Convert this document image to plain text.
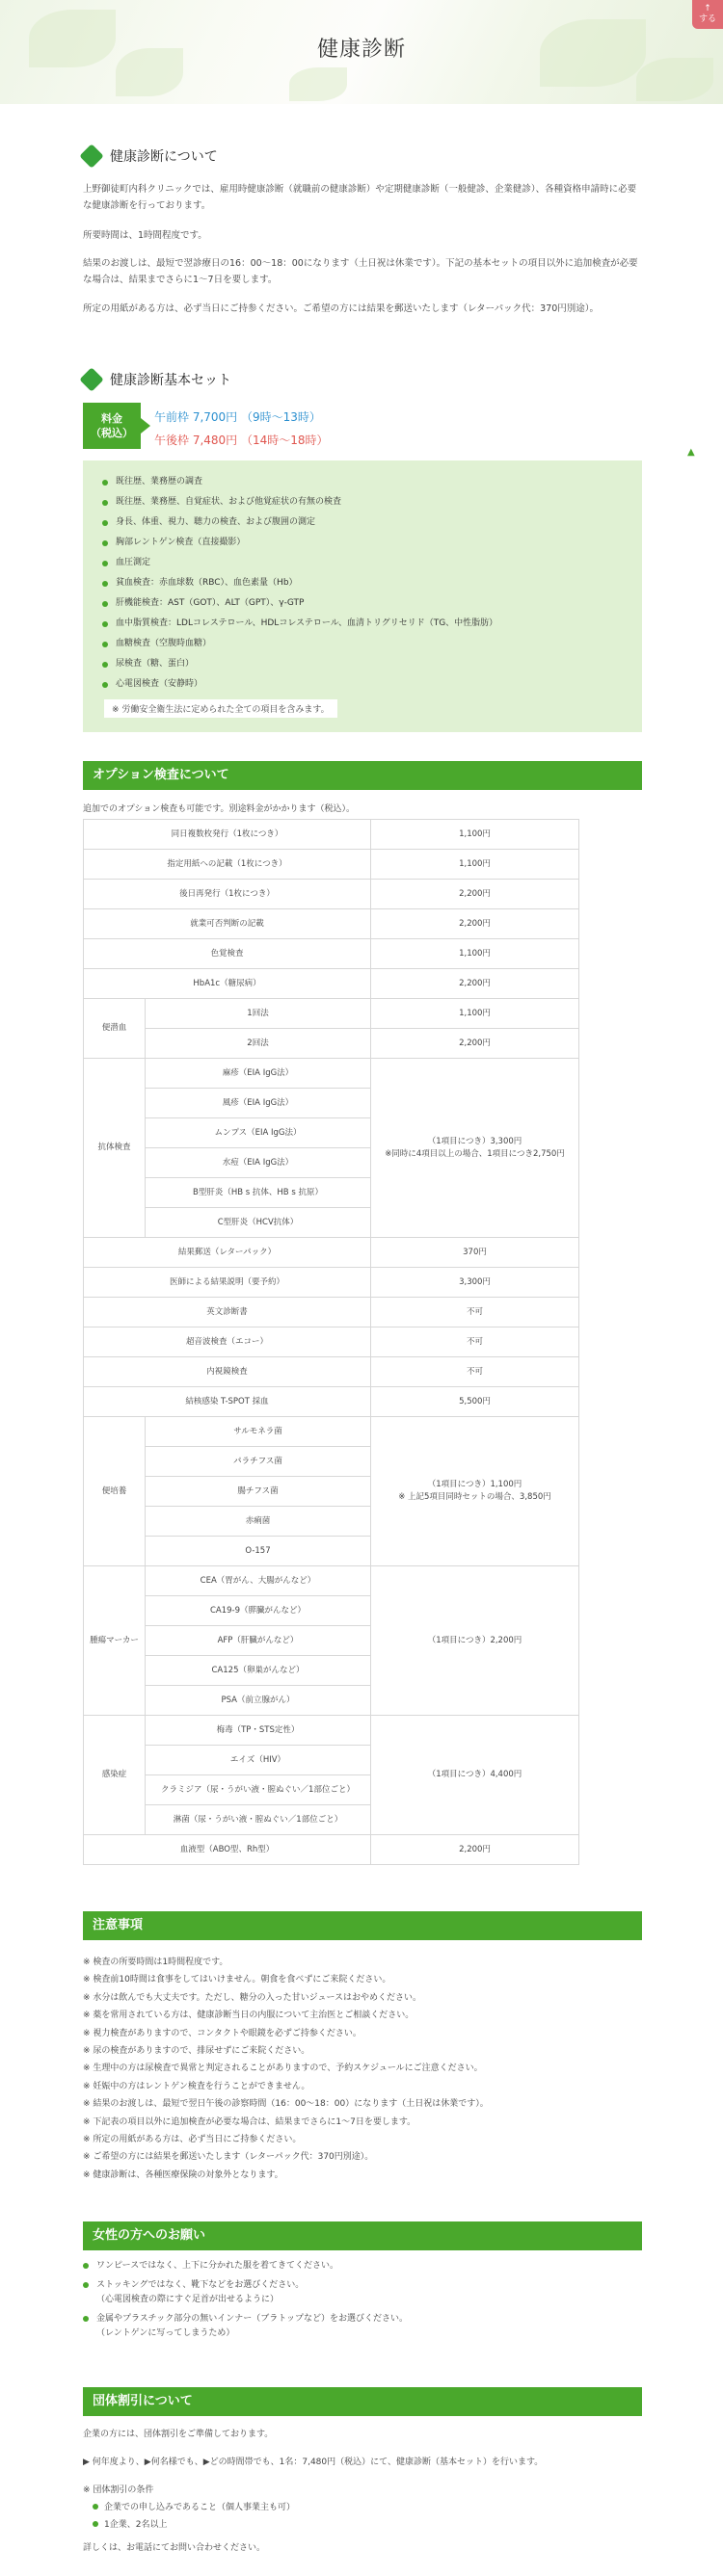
健康診断
↑
する
健康診断について

上野御徒町内科クリニックでは、雇用時健康診断（就職前の健康診断）や定期健康診断（一般健診、企業健診）、各種資格申請時に必要な健康診断を行っております。

所要時間は、1時間程度です。

結果のお渡しは、最短で翌診療日の16：00～18：00になります（土日祝は休業です）。下記の基本セットの項目以外に追加検査が必要な場合は、結果までさらに1〜7日を要します。

所定の用紙がある方は、必ず当日にご持参ください。ご希望の方には結果を郵送いたします（レターパック代：370円別途）。

健康診断基本セット
料金
（税込）
午前枠 7,700円 （9時～13時）
午後枠 7,480円 （14時～18時）
▲
既往歴、業務歴の調査
既往歴、業務歴、自覚症状、および他覚症状の有無の検査
身長、体重、視力、聴力の検査、および腹囲の測定
胸部レントゲン検査（直接撮影）
血圧測定
貧血検査：赤血球数（RBC）、血色素量（Hb）
肝機能検査：AST（GOT）、ALT（GPT）、γ-GTP
血中脂質検査：LDLコレステロール、HDLコレステロール、血清トリグリセリド（TG、中性脂肪）
血糖検査（空腹時血糖）
尿検査（糖、蛋白）
心電図検査（安静時）
※ 労働安全衛生法に定められた全ての項目を含みます。
オプション検査について

追加でのオプション検査も可能です。別途料金がかかります（税込）。

同日複数枚発行（1枚につき）		1,100円
指定用紙への記載（1枚につき）		1,100円
後日再発行（1枚につき）		2,200円
就業可否判断の記載		2,200円
色覚検査		1,100円
HbA1c（糖尿病）		2,200円
便潜血	1回法	1,100円
	2回法	2,200円
抗体検査	麻疹（EIA IgG法）	（1項目につき）3,300円
※同時に4項目以上の場合、1項目につき2,750円

	風疹（EIA IgG法）	
	ムンプス（EIA IgG法）	
	水痘（EIA IgG法）	
	B型肝炎（HB s 抗体、HB s 抗原）	
	C型肝炎（HCV抗体）	
結果郵送（レターパック）		370円
医師による結果説明（要予約）		3,300円
英文診断書		不可
超音波検査（エコー）		不可
内視鏡検査		不可
結核感染 T-SPOT 採血		5,500円
便培養	サルモネラ菌	（1項目につき）1,100円
※ 上記5項目同時セットの場合、3,850円

	パラチフス菌	
	腸チフス菌	
	赤痢菌	
	O-157	
腫瘍マーカー	CEA（胃がん、大腸がんなど）	（1項目につき）2,200円

	CA19-9（膵臓がんなど）	
	AFP（肝臓がんなど）	
	CA125（卵巣がんなど）	
	PSA（前立腺がん）	
感染症	梅毒（TP・STS定性）	（1項目につき）4,400円

	エイズ（HIV）	
	クラミジア（尿・うがい液・膣ぬぐい／1部位ごと）	
	淋菌（尿・うがい液・膣ぬぐい／1部位ごと）	
血液型（ABO型、Rh型）		2,200円
注意事項
※ 検査の所要時間は1時間程度です。
※ 検査前10時間は食事をしてはいけません。朝食を食べずにご来院ください。
※ 水分は飲んでも大丈夫です。ただし、糖分の入った甘いジュースはおやめください。
※ 薬を常用されている方は、健康診断当日の内服について主治医とご相談ください。
※ 視力検査がありますので、コンタクトや眼鏡を必ずご持参ください。
※ 尿の検査がありますので、排尿せずにご来院ください。
※ 生理中の方は尿検査で異常と判定されることがありますので、予約スケジュールにご注意ください。
※ 妊娠中の方はレントゲン検査を行うことができません。
※ 結果のお渡しは、最短で翌日午後の診察時間（16：00～18：00）になります（土日祝は休業です）。
※ 下記表の項目以外に追加検査が必要な場合は、結果までさらに1〜7日を要します。
※ 所定の用紙がある方は、必ず当日にご持参ください。
※ ご希望の方には結果を郵送いたします（レターパック代：370円別途）。
※ 健康診断は、各種医療保険の対象外となります。
女性の方へのお願い
ワンピースではなく、上下に分かれた服を着てきてください。
ストッキングではなく、靴下などをお選びください。
（心電図検査の際にすぐ足首が出せるように）
金属やプラスチック部分の無いインナー（ブラトップなど）をお選びください。
（レントゲンに写ってしまうため）
団体割引について

企業の方には、団体割引をご準備しております。

▶ 何年度より、▶何名様でも、▶どの時間帯でも、1名：7,480円（税込）にて、健康診断（基本セット）を行います。

※ 団体割引の条件

企業での申し込みであること（個人事業主も可）

1企業、2名以上

詳しくは、お電話にてお問い合わせください。
